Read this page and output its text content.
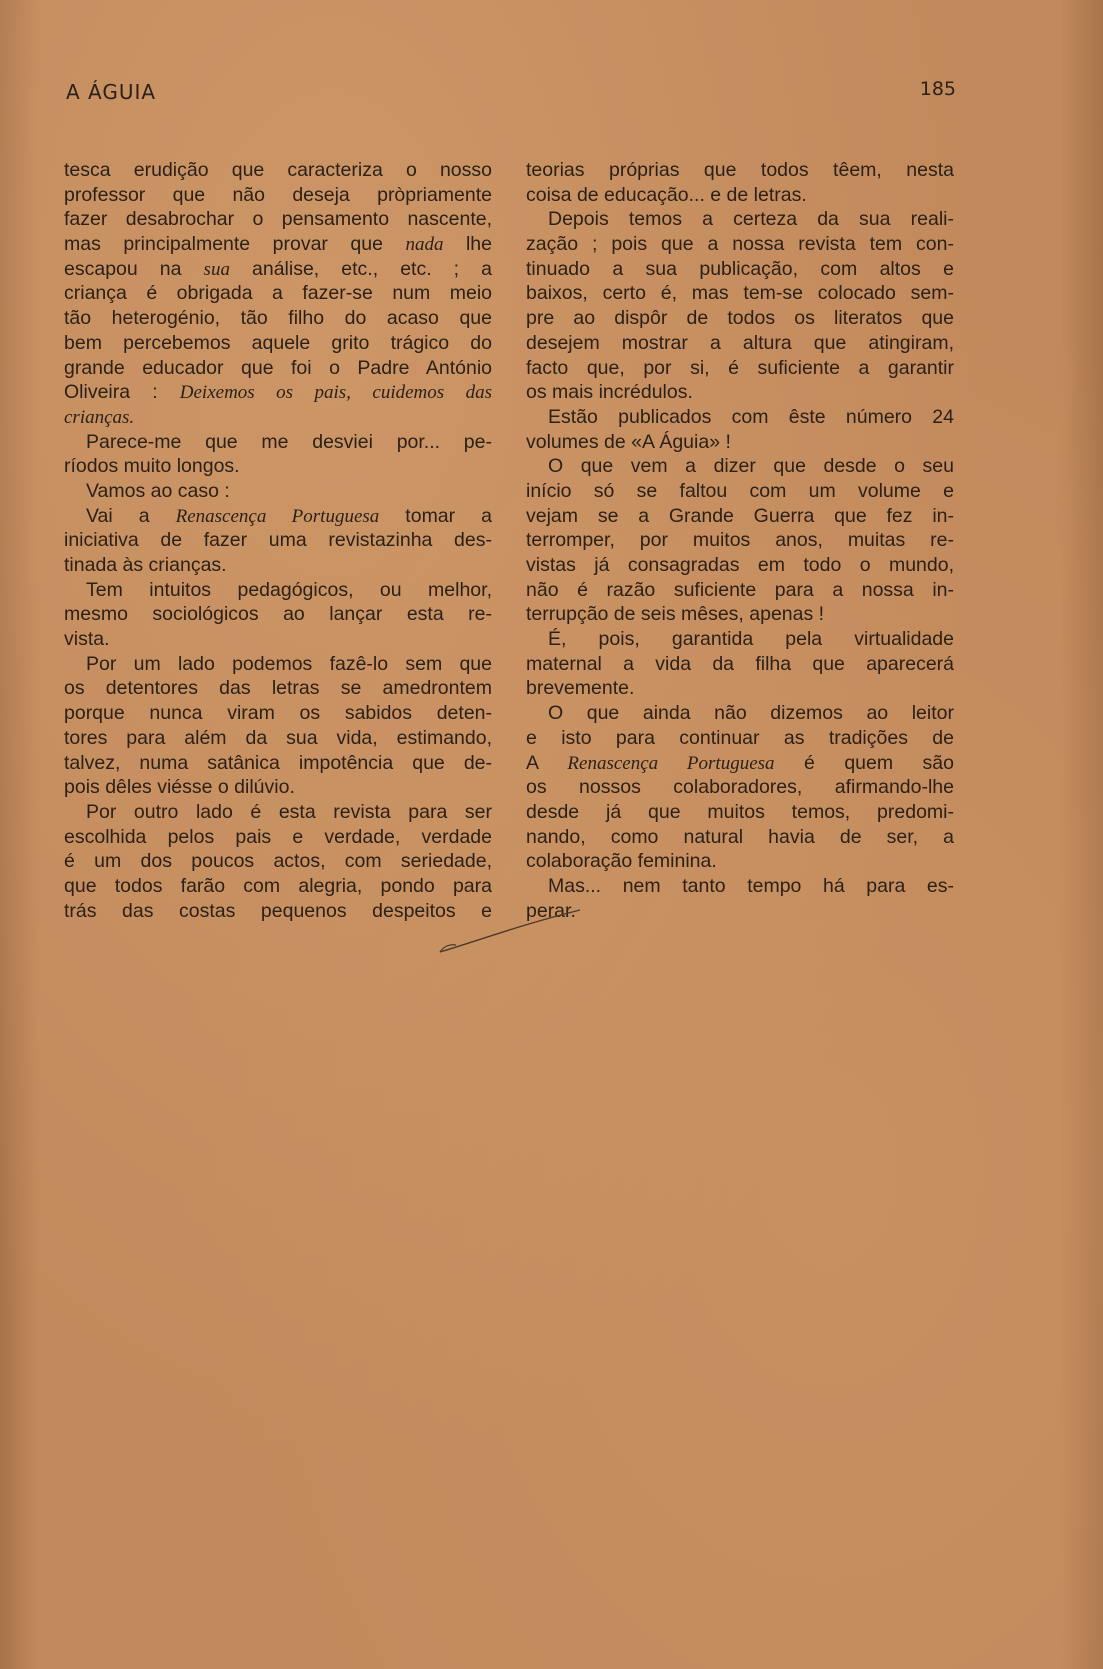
A ÁGUIA	185
tesca erudição que caracteriza o nosso
professor que não deseja pròpriamente
fazer desabrochar o pensamento nascente,
mas principalmente provar que nada lhe
escapou na sua análise, etc., etc. ; a
criança é obrigada a fazer-se num meio
tão heterogénio, tão filho do acaso que
bem percebemos aquele grito trágico do
grande educador que foi o Padre António
Oliveira : Deixemos os pais, cuidemos das
crianças.
Parece-me que me desviei por... pe-
ríodos muito longos.
Vamos ao caso :
Vai a Renascença Portuguesa tomar a
iniciativa de fazer uma revistazinha des-
tinada às crianças.
Tem intuitos pedagógicos, ou melhor,
mesmo sociológicos ao lançar esta re-
vista.
Por um lado podemos fazê-lo sem que
os detentores das letras se amedrontem
porque nunca viram os sabidos deten-
tores para além da sua vida, estimando,
talvez, numa satânica impotência que de-
pois dêles viésse o dilúvio.
Por outro lado é esta revista para ser
escolhida pelos pais e verdade, verdade
é um dos poucos actos, com seriedade,
que todos farão com alegria, pondo para
trás das costas pequenos despeitos e
teorias próprias que todos têem, nesta
coisa de educação... e de letras.
Depois temos a certeza da sua reali-
zação ; pois que a nossa revista tem con-
tinuado a sua publicação, com altos e
baixos, certo é, mas tem-se colocado sem-
pre ao dispôr de todos os literatos que
desejem mostrar a altura que atingiram,
facto que, por si, é suficiente a garantir
os mais incrédulos.
Estão publicados com êste número 24
volumes de «A Águia» !
O que vem a dizer que desde o seu
início só se faltou com um volume e
vejam se a Grande Guerra que fez in-
terromper, por muitos anos, muitas re-
vistas já consagradas em todo o mundo,
não é razão suficiente para a nossa in-
terrupção de seis mêses, apenas !
É, pois, garantida pela virtualidade
maternal a vida da filha que aparecerá
brevemente.
O que ainda não dizemos ao leitor
e isto para continuar as tradições de
A Renascença Portuguesa é quem são
os nossos colaboradores, afirmando-lhe
desde já que muitos temos, predomi-
nando, como natural havia de ser, a
colaboração feminina.
Mas... nem tanto tempo há para es-
perar.
